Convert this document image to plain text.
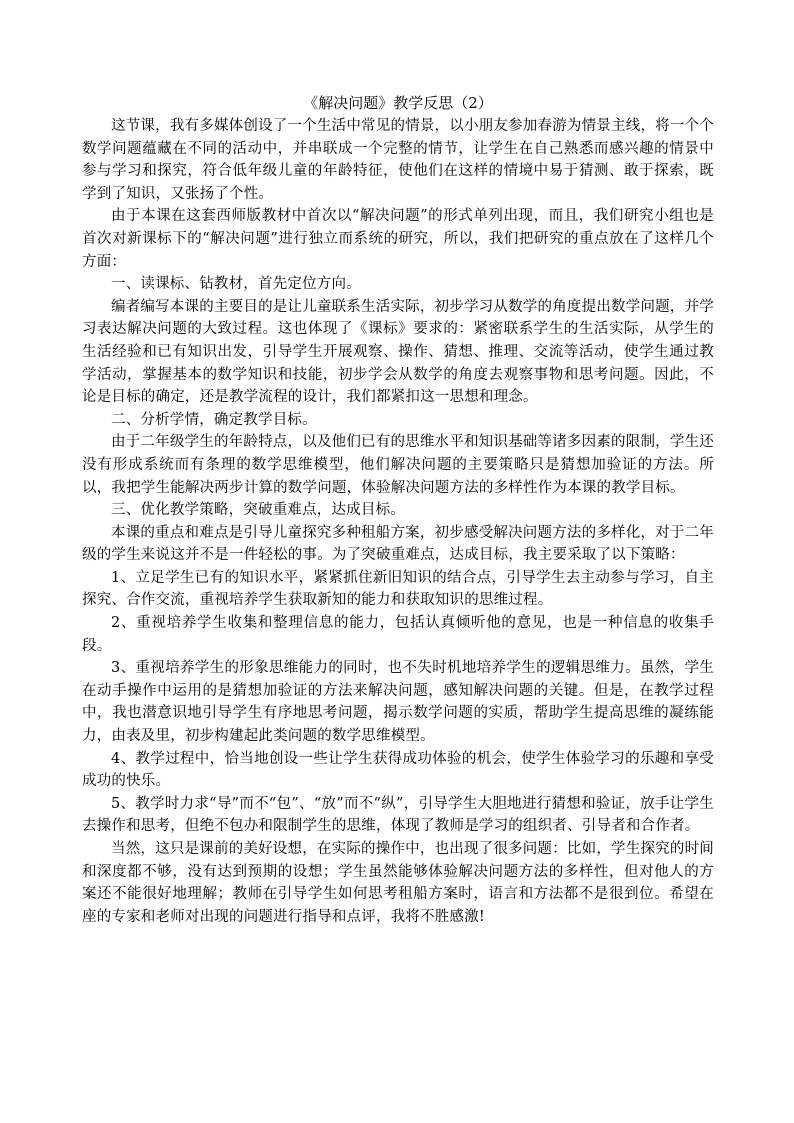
《解决问题》教学反思（2）

这节课，我有多媒体创设了一个生活中常见的情景，以小朋友参加春游为情景主线，将一个个数学问题蕴藏在不同的活动中，并串联成一个完整的情节，让学生在自己熟悉而感兴趣的情景中参与学习和探究，符合低年级儿童的年龄特征，使他们在这样的情境中易于猜测、敢于探索，既学到了知识，又张扬了个性。

由于本课在这套西师版教材中首次以“解决问题”的形式单列出现，而且，我们研究小组也是首次对新课标下的“解决问题”进行独立而系统的研究，所以，我们把研究的重点放在了这样几个方面：

一、读课标、钻教材，首先定位方向。

编者编写本课的主要目的是让儿童联系生活实际，初步学习从数学的角度提出数学问题，并学习表达解决问题的大致过程。这也体现了《课标》要求的：紧密联系学生的生活实际，从学生的生活经验和已有知识出发，引导学生开展观察、操作、猜想、推理、交流等活动，使学生通过教学活动，掌握基本的数学知识和技能，初步学会从数学的角度去观察事物和思考问题。因此，不论是目标的确定，还是教学流程的设计，我们都紧扣这一思想和理念。

二、分析学情，确定教学目标。

由于二年级学生的年龄特点，以及他们已有的思维水平和知识基础等诸多因素的限制，学生还没有形成系统而有条理的数学思维模型，他们解决问题的主要策略只是猜想加验证的方法。所以，我把学生能解决两步计算的数学问题，体验解决问题方法的多样性作为本课的教学目标。

三、优化教学策略，突破重难点，达成目标。

本课的重点和难点是引导儿童探究多种租船方案，初步感受解决问题方法的多样化，对于二年级的学生来说这并不是一件轻松的事。为了突破重难点，达成目标，我主要采取了以下策略：

1、立足学生已有的知识水平，紧紧抓住新旧知识的结合点，引导学生去主动参与学习，自主探究、合作交流，重视培养学生获取新知的能力和获取知识的思维过程。

2、重视培养学生收集和整理信息的能力，包括认真倾听他的意见，也是一种信息的收集手段。

3、重视培养学生的形象思维能力的同时，也不失时机地培养学生的逻辑思维力。虽然，学生在动手操作中运用的是猜想加验证的方法来解决问题，感知解决问题的关键。但是，在教学过程中，我也潜意识地引导学生有序地思考问题，揭示数学问题的实质，帮助学生提高思维的凝练能力，由表及里，初步构建起此类问题的数学思维模型。

4、教学过程中，恰当地创设一些让学生获得成功体验的机会，使学生体验学习的乐趣和享受成功的快乐。

5、教学时力求“导”而不“包”、“放”而不“纵”，引导学生大胆地进行猜想和验证，放手让学生去操作和思考，但绝不包办和限制学生的思维，体现了教师是学习的组织者、引导者和合作者。

当然，这只是课前的美好设想，在实际的操作中，也出现了很多问题：比如，学生探究的时间和深度都不够，没有达到预期的设想；学生虽然能够体验解决问题方法的多样性，但对他人的方案还不能很好地理解；教师在引导学生如何思考租船方案时，语言和方法都不是很到位。希望在座的专家和老师对出现的问题进行指导和点评，我将不胜感激!
